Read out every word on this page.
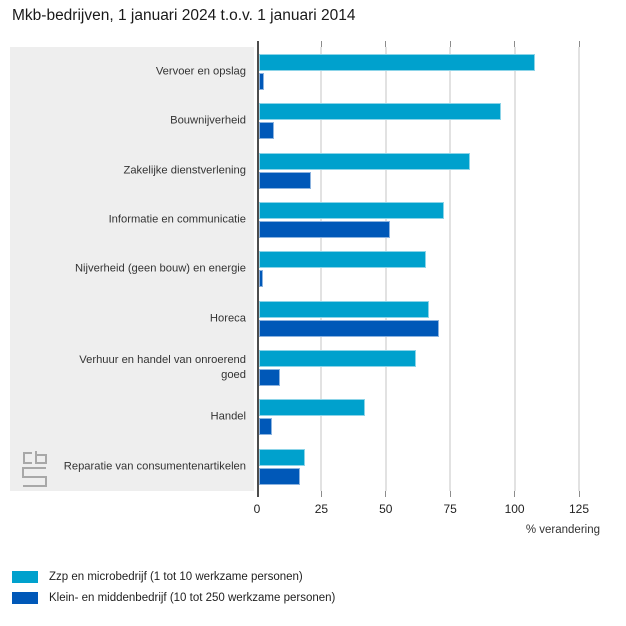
Mkb-bedrijven, 1 januari 2024 t.o.v. 1 januari 2014
% verandering
0	25	50	75	100	125
Vervoer en opslag
Bouwnijverheid
Zakelijke dienstverlening
Informatie en communicatie
Nijverheid (geen bouw) en energie
Horeca
Verhuur en handel van onroerend goed
Handel
Reparatie van consumentenartikelen
Zzp en microbedrijf (1 tot 10 werkzame personen)
Klein- en middenbedrijf (10 tot 250 werkzame personen)
